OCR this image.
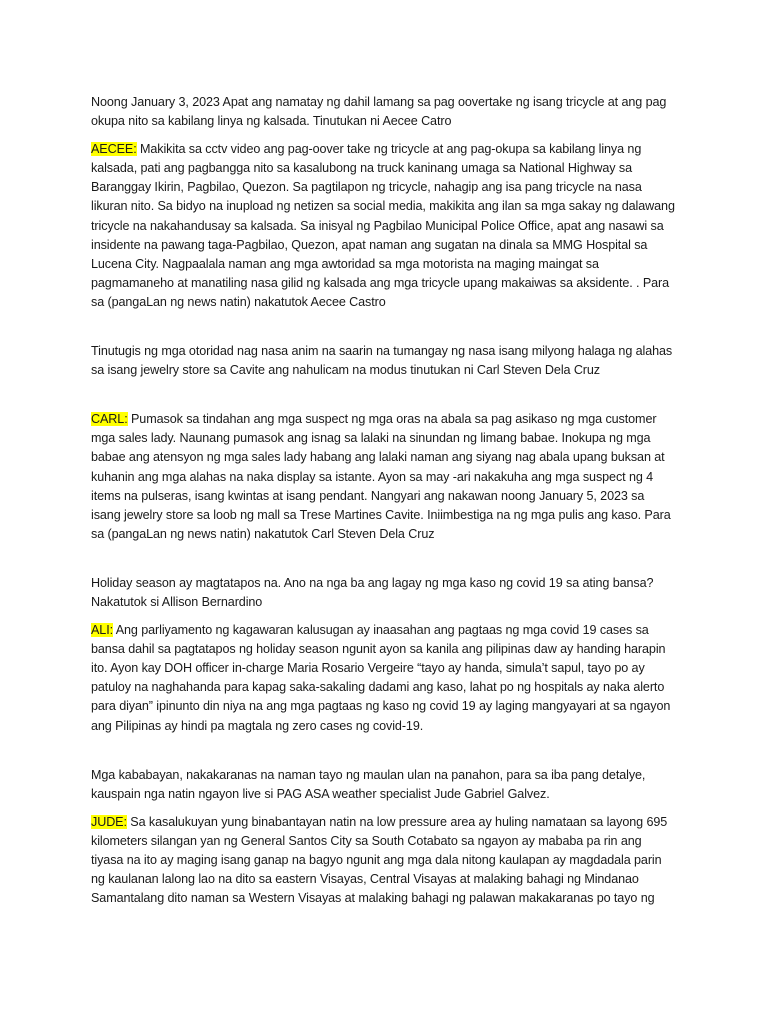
Noong January 3, 2023 Apat ang namatay ng dahil lamang sa pag oovertake ng isang tricycle at ang pag okupa nito sa kabilang linya ng kalsada. Tinutukan ni Aecee Catro

AECEE: Makikita sa cctv video ang pag-oover take ng tricycle at ang pag-okupa sa kabilang linya ng kalsada, pati ang pagbangga nito sa kasalubong na truck kaninang umaga sa National Highway sa Baranggay Ikirin, Pagbilao, Quezon. Sa pagtilapon ng tricycle, nahagip ang isa pang tricycle na nasa likuran nito. Sa bidyo na inupload ng netizen sa social media, makikita ang ilan sa mga sakay ng dalawang tricycle na nakahandusay sa kalsada. Sa inisyal ng Pagbilao Municipal Police Office, apat ang nasawi sa insidente na pawang taga-Pagbilao, Quezon, apat naman ang sugatan na dinala sa MMG Hospital sa Lucena City. Nagpaalala naman ang mga awtoridad sa mga motorista na maging maingat sa pagmamaneho at manatiling nasa gilid ng kalsada ang mga tricycle upang makaiwas sa aksidente. . Para sa (pangaLan ng news natin) nakatutok Aecee Castro

Tinutugis ng mga otoridad nag nasa anim na saarin na tumangay ng nasa isang milyong halaga ng alahas sa isang jewelry store sa Cavite ang nahulicam na modus tinutukan ni Carl Steven Dela Cruz

CARL: Pumasok sa tindahan ang mga suspect ng mga oras na abala sa pag asikaso ng mga customer mga sales lady. Naunang pumasok ang isnag sa lalaki na sinundan ng limang babae. Inokupa ng mga babae ang atensyon ng mga sales lady habang ang lalaki naman ang siyang nag abala upang buksan at kuhanin ang mga alahas na naka display sa istante. Ayon sa may -ari nakakuha ang mga suspect ng 4 items na pulseras, isang kwintas at isang pendant. Nangyari ang nakawan noong January 5, 2023 sa isang jewelry store sa loob ng mall sa Trese Martines Cavite. Iniimbestiga na ng mga pulis ang kaso. Para sa (pangaLan ng news natin) nakatutok Carl Steven Dela Cruz

Holiday season ay magtatapos na. Ano na nga ba ang lagay ng mga kaso ng covid 19 sa ating bansa? Nakatutok si Allison Bernardino

ALI: Ang parliyamento ng kagawaran kalusugan ay inaasahan ang pagtaas ng mga covid 19 cases sa bansa dahil sa pagtatapos ng holiday season ngunit ayon sa kanila ang pilipinas daw ay handing harapin ito. Ayon kay DOH officer in-charge Maria Rosario Vergeire “tayo ay handa, simula’t sapul, tayo po ay patuloy na naghahanda para kapag saka-sakaling dadami ang kaso, lahat po ng hospitals ay naka alerto para diyan” ipinunto din niya na ang mga pagtaas ng kaso ng covid 19 ay laging mangyayari at sa ngayon ang Pilipinas ay hindi pa magtala ng zero cases ng covid-19.

Mga kababayan, nakakaranas na naman tayo ng maulan ulan na panahon, para sa iba pang detalye, kauspain nga natin ngayon live si PAG ASA weather specialist Jude Gabriel Galvez.

JUDE: Sa kasalukuyan yung binabantayan natin na low pressure area ay huling namataan sa layong 695 kilometers silangan yan ng General Santos City sa South Cotabato sa ngayon ay mababa pa rin ang tiyasa na ito ay maging isang ganap na bagyo ngunit ang mga dala nitong kaulapan ay magdadala parin ng kaulanan lalong lao na dito sa eastern Visayas, Central Visayas at malaking bahagi ng Mindanao Samantalang dito naman sa Western Visayas at malaking bahagi ng palawan makakaranas po tayo ng
